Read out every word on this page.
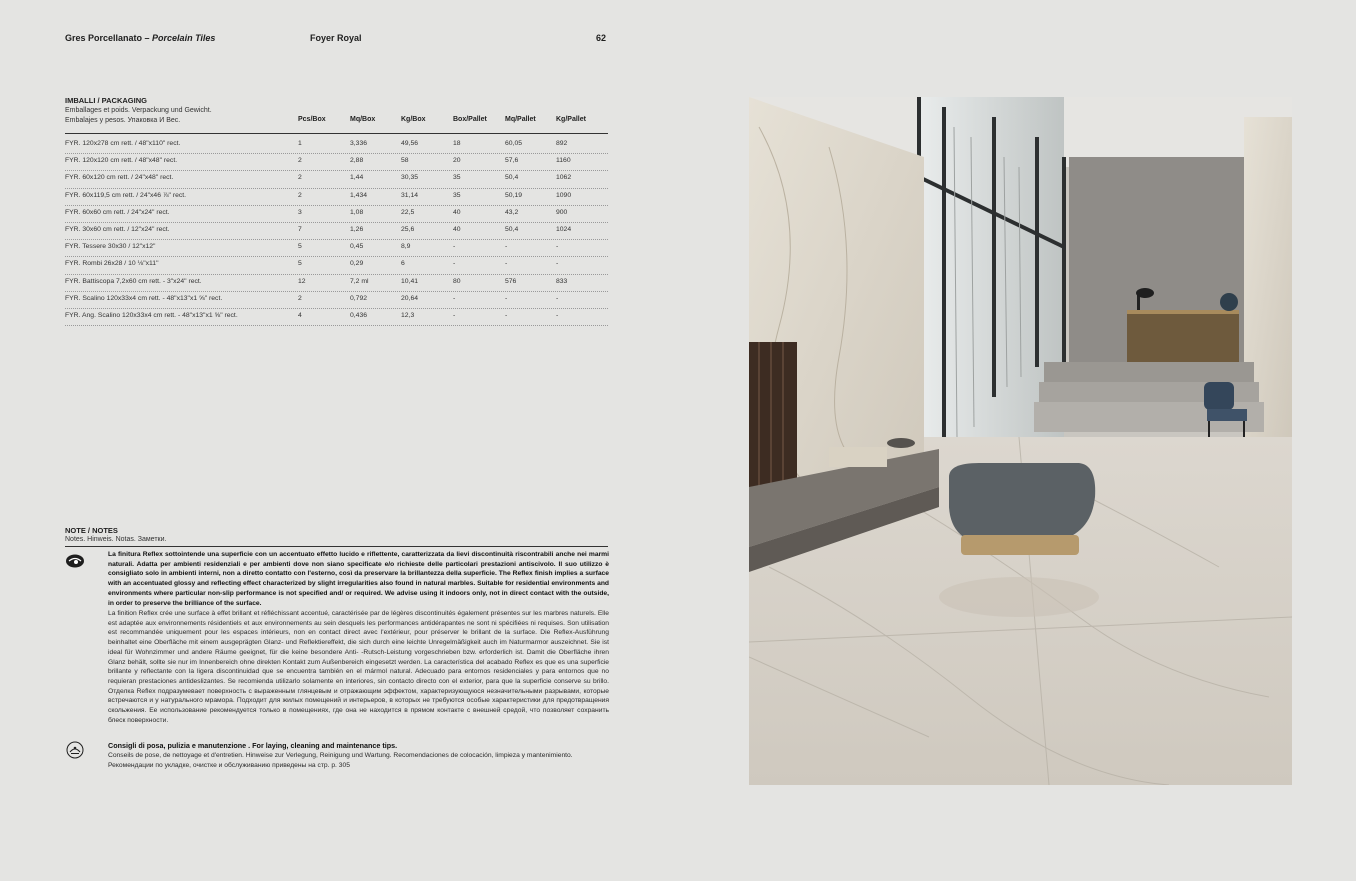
Gres Porcellanato – Porcelain Tiles	Foyer Royal	62

IMBALLI / PACKAGING

Emballages et poids. Verpackung und Gewicht.
Embalajes y pesos. Упаковка И Вес.	Pcs/Box	Mq/Box	Kg/Box	Box/Pallet	Mq/Pallet	Kg/Pallet
FYR. 120x278 cm rett. / 48"x110" rect.	1	3,336	49,56	18	60,05	892
FYR. 120x120 cm rett. / 48"x48" rect.	2	2,88	58	20	57,6	1160
FYR. 60x120 cm rett. / 24"x48" rect.	2	1,44	30,35	35	50,4	1062
FYR. 60x119,5 cm rett. / 24"x46 ⅞" rect.	2	1,434	31,14	35	50,19	1090
FYR. 60x60 cm rett. / 24"x24" rect.	3	1,08	22,5	40	43,2	900
FYR. 30x60 cm rett. / 12"x24" rect.	7	1,26	25,6	40	50,4	1024
FYR. Tessere 30x30 / 12"x12"	5	0,45	8,9	-	-	-
FYR. Rombi 26x28 / 10 ⅛"x11"	5	0,29	6	-	-	-
FYR. Battiscopa 7,2x60 cm rett. - 3"x24" rect.	12	7,2 ml	10,41	80	576	833
FYR. Scalino 120x33x4 cm rett. - 48"x13"x1 ⅝" rect.	2	0,792	20,64	-	-	-
FYR. Ang. Scalino 120x33x4 cm rett. - 48"x13"x1 ⅝" rect.	4	0,436	12,3	-	-	-

NOTE / NOTES

Notes. Hinweis. Notas. Заметки.
La finitura Reflex sottointende una superficie con un accentuato effetto lucido e riflettente, caratterizzata da lievi discontinuità riscontrabili anche nei marmi naturali. Adatta per ambienti residenziali e per ambienti dove non siano specificate e/o richieste delle particolari prestazioni antiscivolo. Il suo utilizzo è consigliato solo in ambienti interni, non a diretto contatto con l'esterno, così da preservare la brillantezza della superficie. The Reflex finish implies a surface with an accentuated glossy and reflecting effect characterized by slight irregularities also found in natural marbles. Suitable for residential environments and environments where particular non-slip performance is not specified and/ or required. We advise using it indoors only, not in direct contact with the outside, in order to preserve the brilliance of the surface.
La finition Reflex crée une surface à effet brillant et réfléchissant accentué, caractérisée par de légères discontinuités également présentes sur les marbres naturels. Elle est adaptée aux environnements résidentiels et aux environnements au sein desquels les performances antidérapantes ne sont ni spécifiées ni requises. Son utilisation est recommandée uniquement pour les espaces intérieurs, non en contact direct avec l'extérieur, pour préserver le brillant de la surface. Die Reflex-Ausführung beinhaltet eine Oberfläche mit einem ausgeprägten Glanz- und Reflektiereffekt, die sich durch eine leichte Unregelmäßigkeit auch im Naturmarmor auszeichnet. Sie ist ideal für Wohnzimmer und andere Räume geeignet, für die keine besondere Anti- -Rutsch-Leistung vorgeschrieben bzw. erforderlich ist. Damit die Oberfläche ihren Glanz behält, sollte sie nur im Innenbereich ohne direkten Kontakt zum Außenbereich eingesetzt werden. La característica del acabado Reflex es que es una superficie brillante y reflectante con la ligera discontinuidad que se encuentra también en el mármol natural. Adecuado para entornos residenciales y para entornos que no requieran prestaciones antideslizantes. Se recomienda utilizarlo solamente en interiores, sin contacto directo con el exterior, para que la superficie conserve su brillo. Отделка Reflex подразумевает поверхность с выраженным глянцевым и отражающим эффектом, характеризующуюся незначительными разрывами, которые встречаются и у натурального мрамора. Подходит для жилых помещений и интерьеров, в которых не требуются особые характеристики для предотвращения скольжения. Ее использование рекомендуется только в помещениях, где она не находится в прямом контакте с внешней средой, что позволяет сохранить блеск поверхности.
Consigli di posa, pulizia e manutenzione . For laying, cleaning and maintenance tips.
Conseils de pose, de nettoyage et d'entretien. Hinweise zur Verlegung, Reinigung und Wartung. Recomendaciones de colocación, limpieza y mantenimiento. Рекомендации по укладке, очистке и обслуживанию приведены на стр. р. 305
